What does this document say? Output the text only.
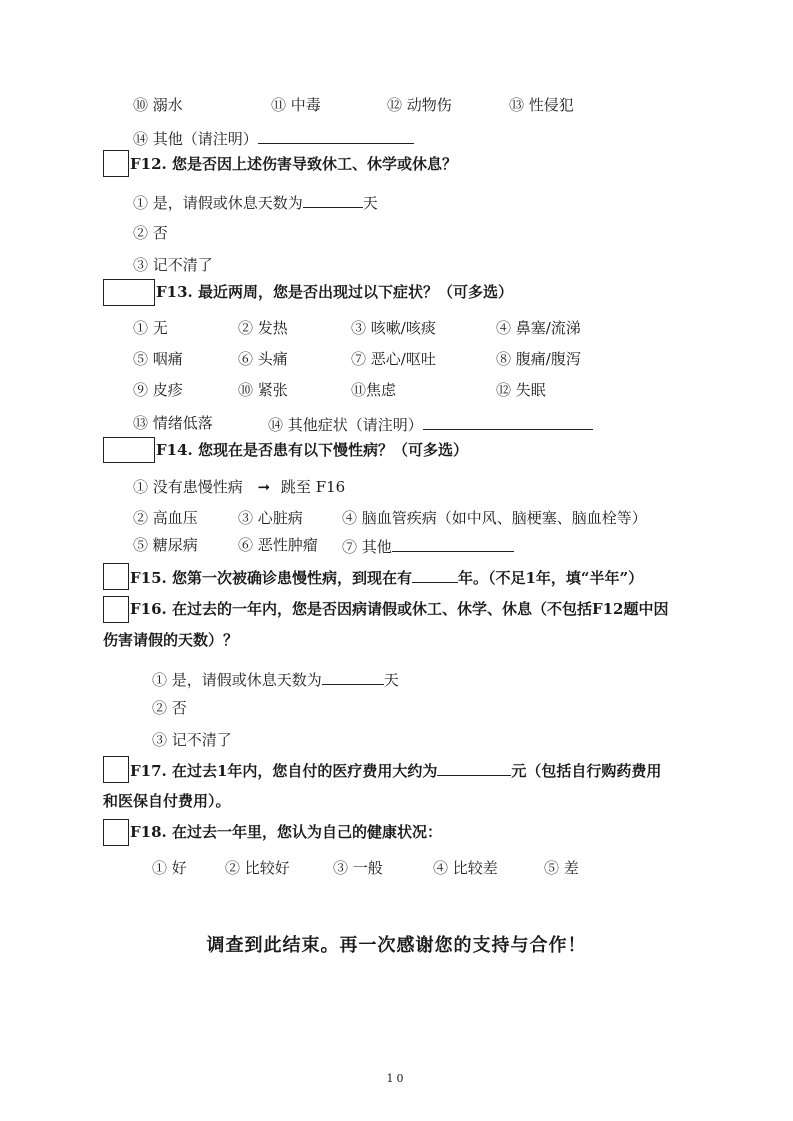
⑩ 溺水	⑪ 中毒	⑫ 动物伤	⑬ 性侵犯
⑭ 其他（请注明）
F12. 您是否因上述伤害导致休工、休学或休息？
① 是，请假或休息天数为	天
② 否
③ 记不清了
F13. 最近两周，您是否出现过以下症状？（可多选）
① 无	② 发热	③ 咳嗽/咳痰	④ 鼻塞/流涕
⑤ 咽痛	⑥ 头痛	⑦ 恶心/呕吐	⑧ 腹痛/腹泻
⑨ 皮疹	⑩ 紧张	⑪焦虑	⑫ 失眠
⑬ 情绪低落	⑭ 其他症状（请注明）
F14. 您现在是否患有以下慢性病？（可多选）
① 没有患慢性病 ➞ 跳至 F16
② 高血压	③ 心脏病	④ 脑血管疾病（如中风、脑梗塞、脑血栓等）
⑤ 糖尿病	⑥ 恶性肿瘤 ⑦ 其他
F15. 您第一次被确诊患慢性病，到现在有	年。（不足1年，填“半年”）
F16. 在过去的一年内，您是否因病请假或休工、休学、休息（不包括F12题中因
伤害请假的天数）？
① 是，请假或休息天数为	天
② 否
③ 记不清了
F17. 在过去1年内，您自付的医疗费用大约为	元（包括自行购药费用
和医保自付费用）。
F18. 在过去一年里，您认为自己的健康状况：
① 好	② 比较好	③ 一般	④ 比较差	⑤ 差
调查到此结束。再一次感谢您的支持与合作！
10
